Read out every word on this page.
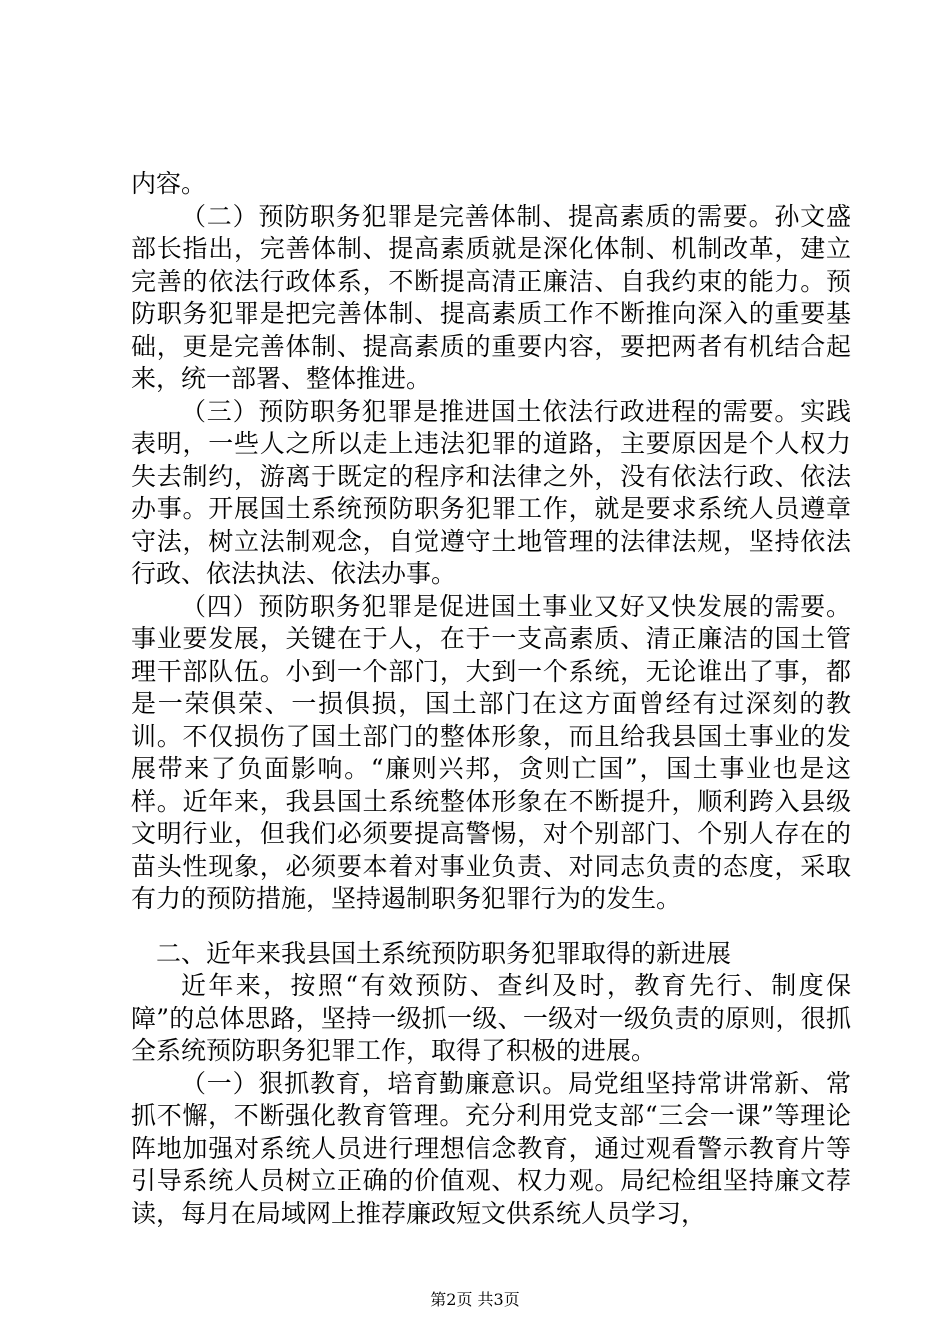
内容。

（二）预防职务犯罪是完善体制、提高素质的需要。孙文盛部长指出，完善体制、提高素质就是深化体制、机制改革，建立完善的依法行政体系，不断提高清正廉洁、自我约束的能力。预防职务犯罪是把完善体制、提高素质工作不断推向深入的重要基础，更是完善体制、提高素质的重要内容，要把两者有机结合起来，统一部署、整体推进。

（三）预防职务犯罪是推进国土依法行政进程的需要。实践表明，一些人之所以走上违法犯罪的道路，主要原因是个人权力失去制约，游离于既定的程序和法律之外，没有依法行政、依法办事。开展国土系统预防职务犯罪工作，就是要求系统人员遵章守法，树立法制观念，自觉遵守土地管理的法律法规，坚持依法行政、依法执法、依法办事。

（四）预防职务犯罪是促进国土事业又好又快发展的需要。事业要发展，关键在于人，在于一支高素质、清正廉洁的国土管理干部队伍。小到一个部门，大到一个系统，无论谁出了事，都是一荣俱荣、一损俱损，国土部门在这方面曾经有过深刻的教训。不仅损伤了国土部门的整体形象，而且给我县国土事业的发展带来了负面影响。“廉则兴邦，贪则亡国”，国土事业也是这样。近年来，我县国土系统整体形象在不断提升，顺利跨入县级文明行业，但我们必须要提高警惕，对个别部门、个别人存在的苗头性现象，必须要本着对事业负责、对同志负责的态度，采取有力的预防措施，坚持遏制职务犯罪行为的发生。

二、近年来我县国土系统预防职务犯罪取得的新进展

近年来，按照“有效预防、查纠及时，教育先行、制度保障”的总体思路，坚持一级抓一级、一级对一级负责的原则，很抓全系统预防职务犯罪工作，取得了积极的进展。

（一）狠抓教育，培育勤廉意识。局党组坚持常讲常新、常抓不懈，不断强化教育管理。充分利用党支部“三会一课”等理论阵地加强对系统人员进行理想信念教育，通过观看警示教育片等引导系统人员树立正确的价值观、权力观。局纪检组坚持廉文荐读，每月在局域网上推荐廉政短文供系统人员学习，

第2页 共3页
